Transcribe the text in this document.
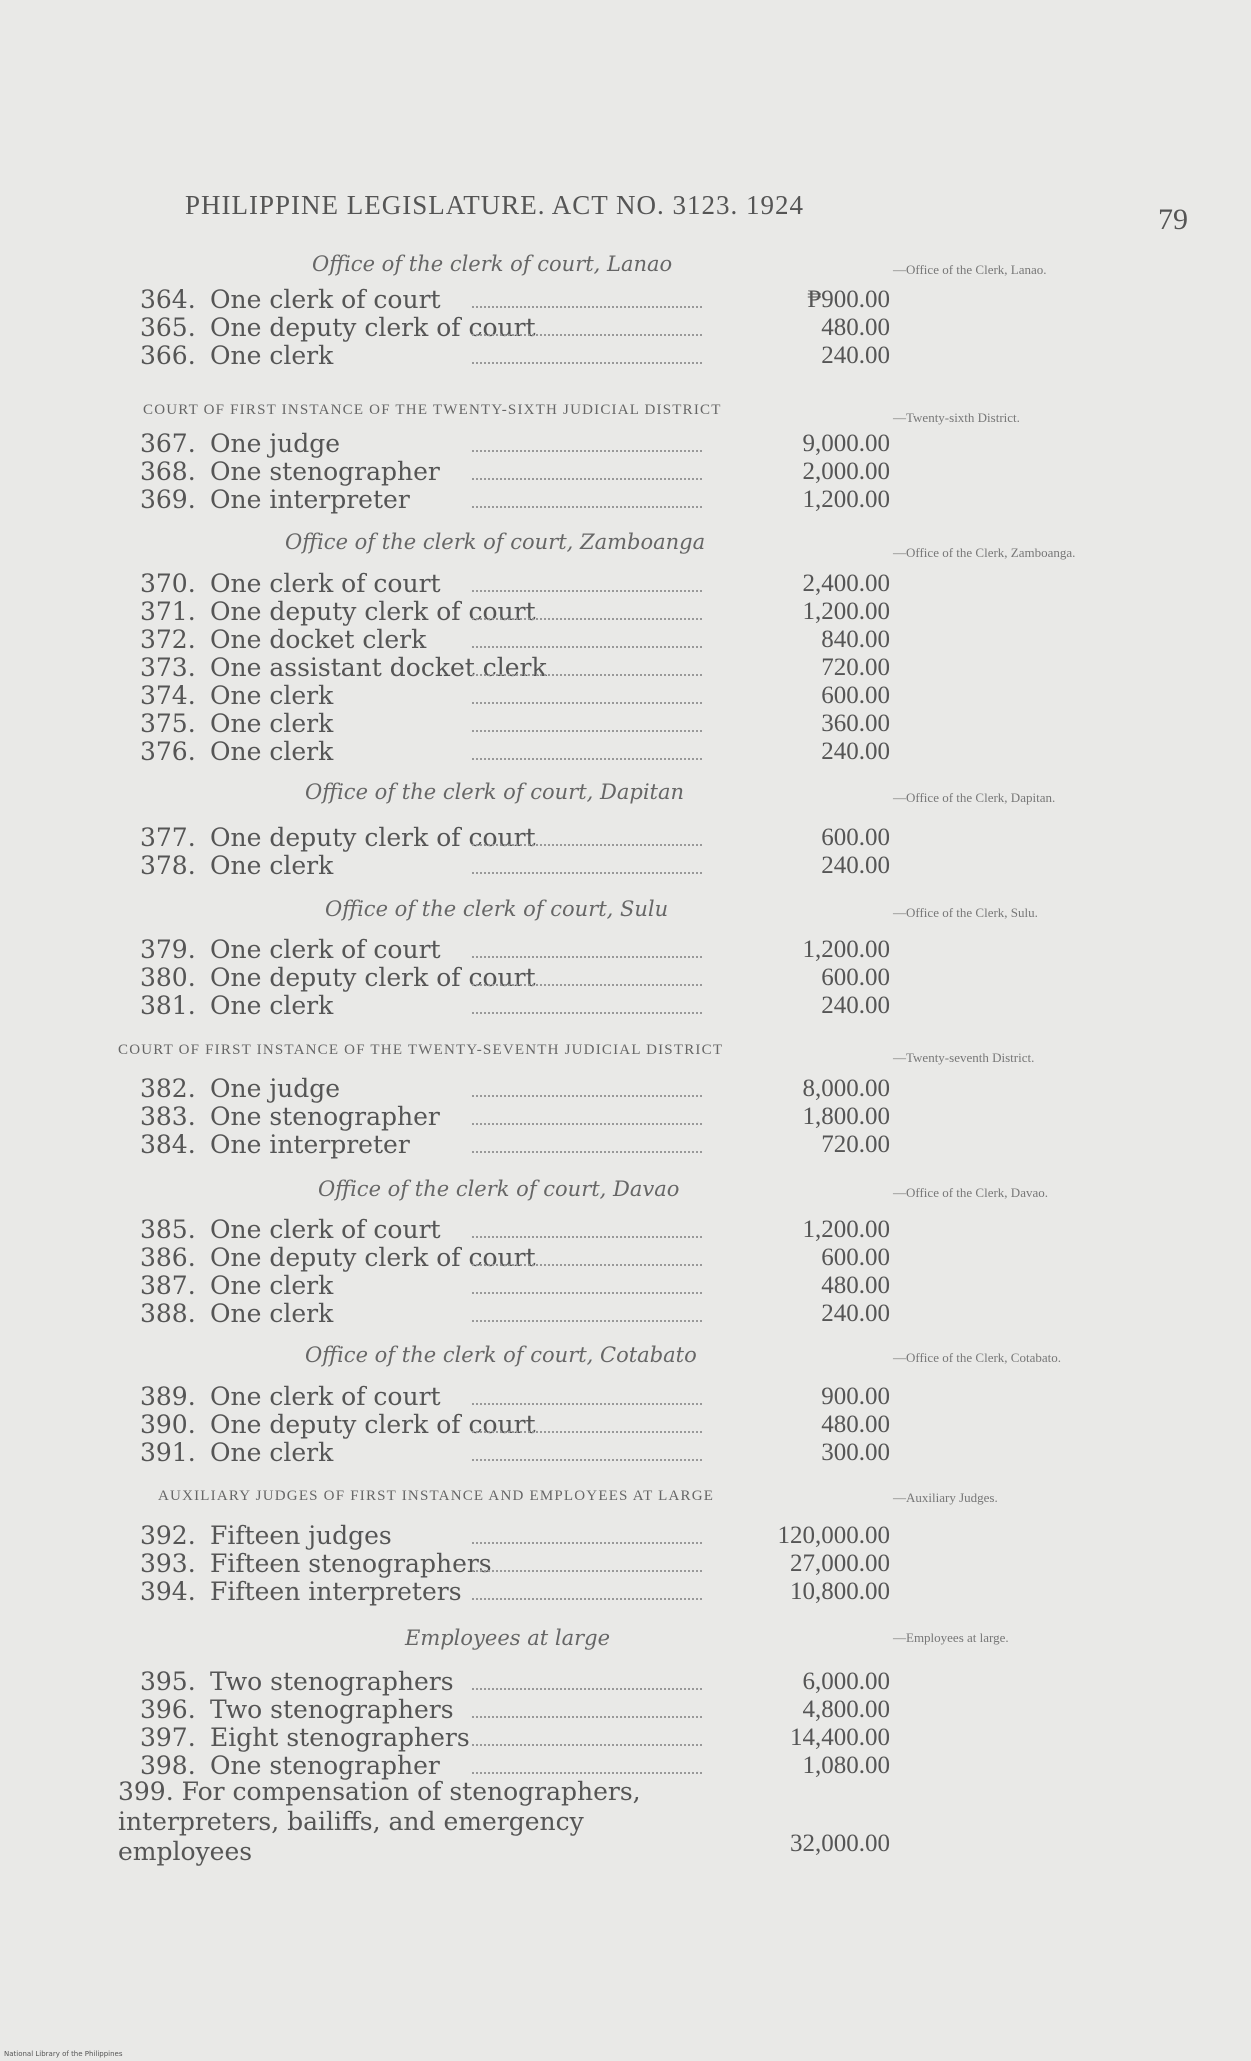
PHILIPPINE LEGISLATURE. ACT NO. 3123. 1924	79
Office of the clerk of court, Lanao	—Office of the Clerk, Lanao.
364. One clerk of court	₱900.00
365. One deputy clerk of court	480.00
366. One clerk	240.00
COURT OF FIRST INSTANCE OF THE TWENTY-SIXTH JUDICIAL DISTRICT	—Twenty-sixth District.
367. One judge	9,000.00
368. One stenographer	2,000.00
369. One interpreter	1,200.00
Office of the clerk of court, Zamboanga	—Office of the Clerk, Zamboanga.
370. One clerk of court	2,400.00
371. One deputy clerk of court	1,200.00
372. One docket clerk	840.00
373. One assistant docket clerk	720.00
374. One clerk	600.00
375. One clerk	360.00
376. One clerk	240.00
Office of the clerk of court, Dapitan	—Office of the Clerk, Dapitan.
377. One deputy clerk of court	600.00
378. One clerk	240.00
Office of the clerk of court, Sulu	—Office of the Clerk, Sulu.
379. One clerk of court	1,200.00
380. One deputy clerk of court	600.00
381. One clerk	240.00
COURT OF FIRST INSTANCE OF THE TWENTY-SEVENTH JUDICIAL DISTRICT	—Twenty-seventh District.
382. One judge	8,000.00
383. One stenographer	1,800.00
384. One interpreter	720.00
Office of the clerk of court, Davao	—Office of the Clerk, Davao.
385. One clerk of court	1,200.00
386. One deputy clerk of court	600.00
387. One clerk	480.00
388. One clerk	240.00
Office of the clerk of court, Cotabato	—Office of the Clerk, Cotabato.
389. One clerk of court	900.00
390. One deputy clerk of court	480.00
391. One clerk	300.00
AUXILIARY JUDGES OF FIRST INSTANCE AND EMPLOYEES AT LARGE	—Auxiliary Judges.
392. Fifteen judges	120,000.00
393. Fifteen stenographers	27,000.00
394. Fifteen interpreters	10,800.00
Employees at large	—Employees at large.
395. Two stenographers	6,000.00
396. Two stenographers	4,800.00
397. Eight stenographers	14,400.00
398. One stenographer	1,080.00
399. For compensation of stenographers, interpreters, bailiffs, and emergency employees	32,000.00
National Library of the Philippines
